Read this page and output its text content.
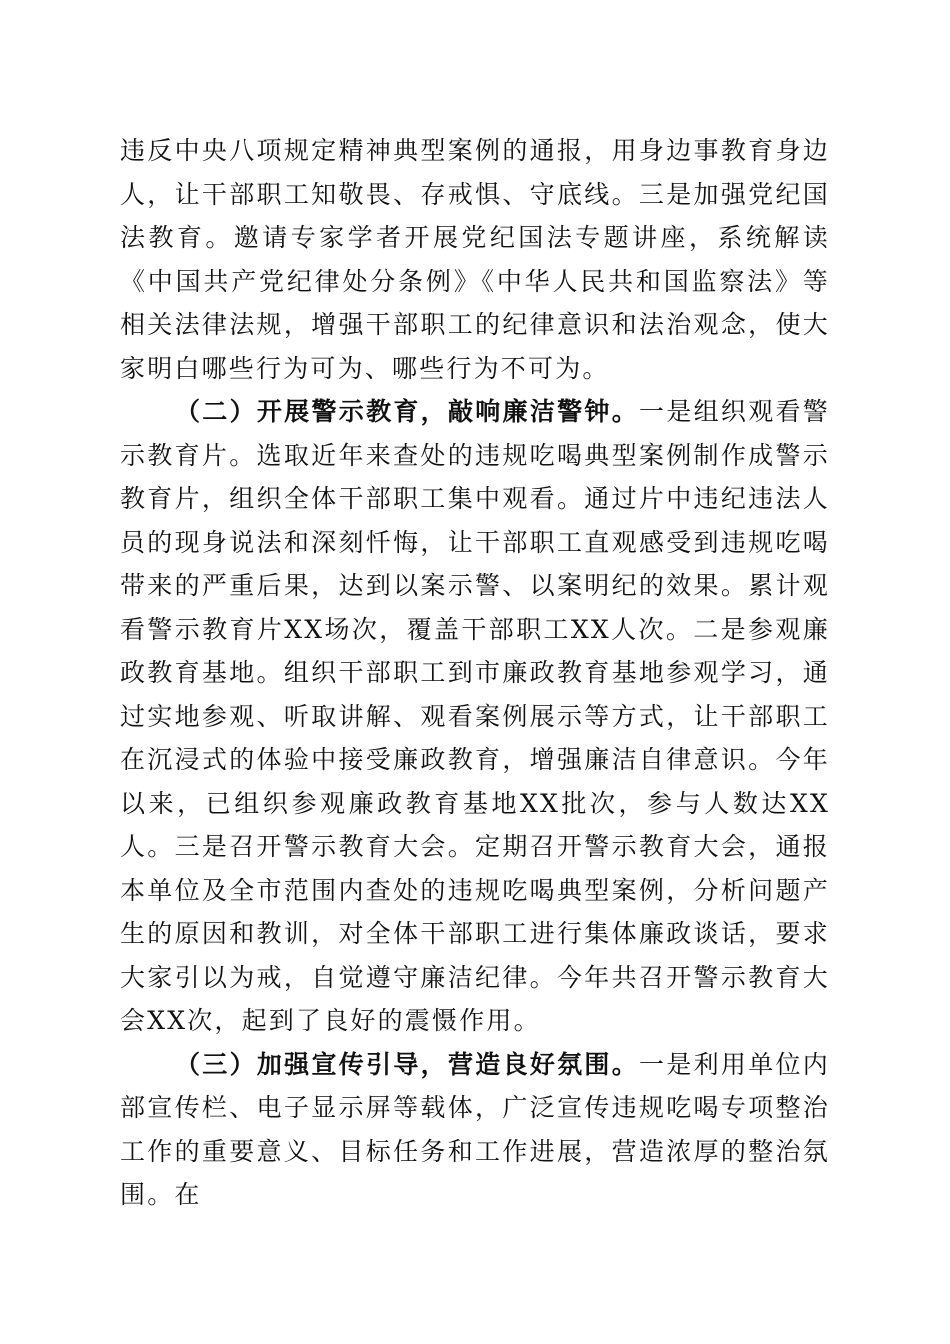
违反中央八项规定精神典型案例的通报，用身边事教育身边人，让干部职工知敬畏、存戒惧、守底线。三是加强党纪国法教育。邀请专家学者开展党纪国法专题讲座，系统解读《中国共产党纪律处分条例》《中华人民共和国监察法》等相关法律法规，增强干部职工的纪律意识和法治观念，使大家明白哪些行为可为、哪些行为不可为。

（二）开展警示教育，敲响廉洁警钟。一是组织观看警示教育片。选取近年来查处的违规吃喝典型案例制作成警示教育片，组织全体干部职工集中观看。通过片中违纪违法人员的现身说法和深刻忏悔，让干部职工直观感受到违规吃喝带来的严重后果，达到以案示警、以案明纪的效果。累计观看警示教育片XX场次，覆盖干部职工XX人次。二是参观廉政教育基地。组织干部职工到市廉政教育基地参观学习，通过实地参观、听取讲解、观看案例展示等方式，让干部职工在沉浸式的体验中接受廉政教育，增强廉洁自律意识。今年以来，已组织参观廉政教育基地XX批次，参与人数达XX人。三是召开警示教育大会。定期召开警示教育大会，通报本单位及全市范围内查处的违规吃喝典型案例，分析问题产生的原因和教训，对全体干部职工进行集体廉政谈话，要求大家引以为戒，自觉遵守廉洁纪律。今年共召开警示教育大会XX次，起到了良好的震慑作用。

（三）加强宣传引导，营造良好氛围。一是利用单位内部宣传栏、电子显示屏等载体，广泛宣传违规吃喝专项整治工作的重要意义、目标任务和工作进展，营造浓厚的整治氛围。在
